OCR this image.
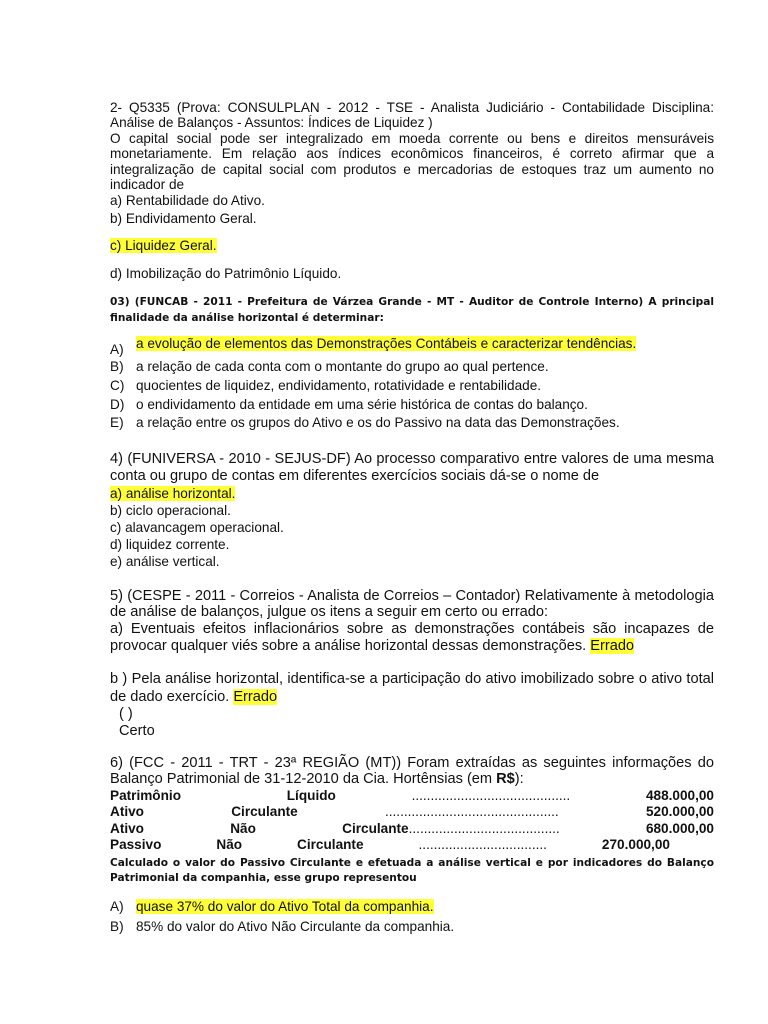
2- Q5335 (Prova: CONSULPLAN - 2012 - TSE - Analista Judiciário - Contabilidade Disciplina: Análise de Balanços - Assuntos: Índices de Liquidez )

O capital social pode ser integralizado em moeda corrente ou bens e direitos mensuráveis monetariamente. Em relação aos índices econômicos financeiros, é correto afirmar que a integralização de capital social com produtos e mercadorias de estoques traz um aumento no indicador de

a) Rentabilidade do Ativo.

b) Endividamento Geral.

c) Liquidez Geral.

d) Imobilização do Patrimônio Líquido.

03) (FUNCAB - 2011 - Prefeitura de Várzea Grande - MT - Auditor de Controle Interno) A principal finalidade da análise horizontal é determinar:

A) a evolução de elementos das Demonstrações Contábeis e caracterizar tendências.
B) a relação de cada conta com o montante do grupo ao qual pertence.
C) quocientes de liquidez, endividamento, rotatividade e rentabilidade.
D) o endividamento da entidade em uma série histórica de contas do balanço.
E) a relação entre os grupos do Ativo e os do Passivo na data das Demonstrações.

4) (FUNIVERSA - 2010 - SEJUS-DF) Ao processo comparativo entre valores de uma mesma conta ou grupo de contas em diferentes exercícios sociais dá-se o nome de

a) análise horizontal.

b) ciclo operacional.

c) alavancagem operacional.

d) liquidez corrente.

e) análise vertical.

5) (CESPE - 2011 - Correios - Analista de Correios – Contador) Relativamente à metodologia de análise de balanços, julgue os itens a seguir em certo ou errado:

a) Eventuais efeitos inflacionários sobre as demonstrações contábeis são incapazes de provocar qualquer viés sobre a análise horizontal dessas demonstrações. Errado

b ) Pela análise horizontal, identifica-se a participação do ativo imobilizado sobre o ativo total de dado exercício. Errado

( )

Certo

6) (FCC - 2011 - TRT - 23ª REGIÃO (MT)) Foram extraídas as seguintes informações do Balanço Patrimonial de 31-12-2010 da Cia. Hortênsias (em R$):

Patrimônio	Líquido	..........................................	488.000,00
Ativo	Circulante	..............................................	520.000,00
Ativo	Não	Circulante........................................	680.000,00
Passivo	Não	Circulante	..................................	270.000,00

Calculado o valor do Passivo Circulante e efetuada a análise vertical e por indicadores do Balanço Patrimonial da companhia, esse grupo representou

A) quase 37% do valor do Ativo Total da companhia.
B) 85% do valor do Ativo Não Circulante da companhia.
